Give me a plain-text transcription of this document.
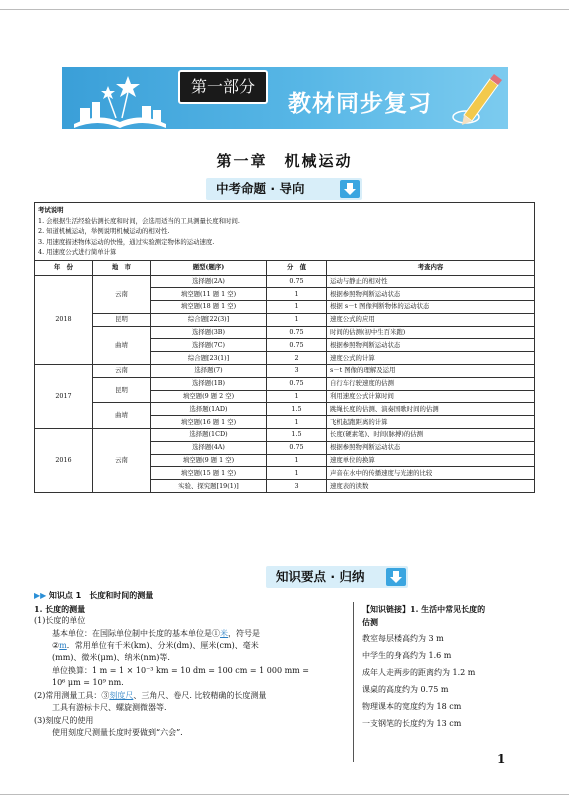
第一部分
教材同步复习
第一章　机械运动
中考命题 · 导向
考试说明
1. 会根据生活经验估测长度和时间，会选用适当的工具测量长度和时间.
2. 知道机械运动，举例说明机械运动的相对性.
3. 用速度描述物体运动的快慢，通过实验测定物体的运动速度.
4. 用速度公式进行简单计算				

年　份	地　市	题型(题序)	分　值	考查内容
2018	云南	选择题(2A)	0.75	运动与静止的相对性
		填空题(11 题 1 空)	1	根据参照物判断运动状态
		填空题(18 题 1 空)	1	根据 s－t 图像判断物体的运动状态
	昆明	综合题[22(3)]	1	速度公式的应用
	曲靖	选择题(3B)	0.75	时间的估测(初中生百米跑)
		选择题(7C)	0.75	根据参照物判断运动状态
		综合题[23(1)]	2	速度公式的计算
2017	云南	选择题(7)	3	s－t 图像的理解及运用
	昆明	选择题(1B)	0.75	自行车行驶速度的估测
		填空题(9 题 2 空)	1	利用速度公式计算时间
	曲靖	选择题(1AD)	1.5	跳绳长度的估测、演奏国歌时间的估测
		填空题(16 题 1 空)	1	飞机起跑距离的计算
2016	云南	选择题(1CD)	1.5	长度(硬素笔)、时间(脉搏)的估测
		选择题(4A)	0.75	根据参照物判断运动状态
		填空题(9 题 1 空)	1	速度单位的换算
		填空题(15 题 1 空)	1	声音在水中的传播速度与光速的比较
		实验、探究题[19(1)]	3	速度表的读数
知识要点 · 归纳
▶▶ 知识点 1　长度和时间的测量
1. 长度的测量
(1)长度的单位
基本单位：在国际单位制中长度的基本单位是①米，符号是
②m．常用单位有千米(km)、分米(dm)、厘米(cm)、毫米
(mm)、微米(μm)、纳米(nm)等.
单位换算：1 m = 1 × 10⁻³ km = 10 dm = 100 cm = 1 000 mm =
10⁶ μm = 10⁹ nm.
(2)常用测量工具：③刻度尺、三角尺、卷尺. 比较精确的长度测量
工具有游标卡尺、螺旋测微器等.
(3)刻度尺的使用
使用刻度尺测量长度时要做到“六会”.
【知识链接】1. 生活中常见长度的
估测
教室每层楼高约为 3 m
中学生的身高约为 1.6 m
成年人走两步的距离约为 1.2 m
课桌的高度约为 0.75 m
物理课本的宽度约为 18 cm
一支钢笔的长度约为 13 cm
1
